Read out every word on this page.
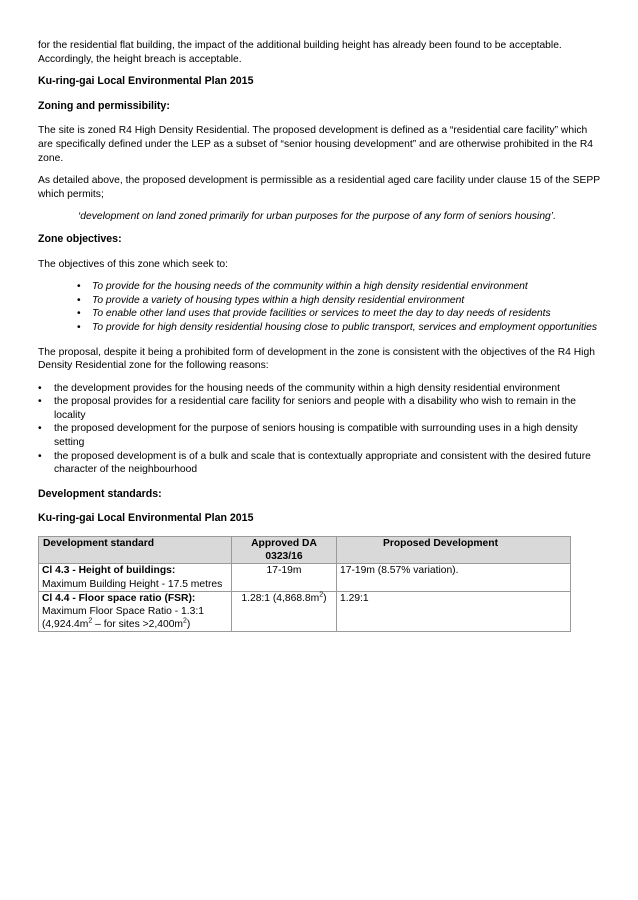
for the residential flat building, the impact of the additional building height has already been found to be acceptable. Accordingly, the height breach is acceptable.

Ku-ring-gai Local Environmental Plan 2015

Zoning and permissibility:

The site is zoned R4 High Density Residential. The proposed development is defined as a “residential care facility” which are specifically defined under the LEP as a subset of “senior housing development” and are otherwise prohibited in the R4 zone.

As detailed above, the proposed development is permissible as a residential aged care facility under clause 15 of the SEPP which permits;

‘development on land zoned primarily for urban purposes for the purpose of any form of seniors housing’.

Zone objectives:

The objectives of this zone which seek to:

• To provide for the housing needs of the community within a high density residential environment
• To provide a variety of housing types within a high density residential environment
• To enable other land uses that provide facilities or services to meet the day to day needs of residents
• To provide for high density residential housing close to public transport, services and employment opportunities

The proposal, despite it being a prohibited form of development in the zone is consistent with the objectives of the R4 High Density Residential zone for the following reasons:

• the development provides for the housing needs of the community within a high density residential environment
• the proposal provides for a residential care facility for seniors and people with a disability who wish to remain in the locality
• the proposed development for the purpose of seniors housing is compatible with surrounding uses in a high density setting
• the proposed development is of a bulk and scale that is contextually appropriate and consistent with the desired future character of the neighbourhood

Development standards:

Ku-ring-gai Local Environmental Plan 2015

Development standard	Approved DA 0323/16	Proposed Development
Cl 4.3 - Height of buildings:
Maximum Building Height - 17.5 metres	17-19m	17-19m (8.57% variation).
Cl 4.4 - Floor space ratio (FSR):
Maximum Floor Space Ratio - 1.3:1 ($4,924.4m^2$ – for sites $>2,400m^2$)	1.28:1 $(4,868.8m^2)$	1.29:1
